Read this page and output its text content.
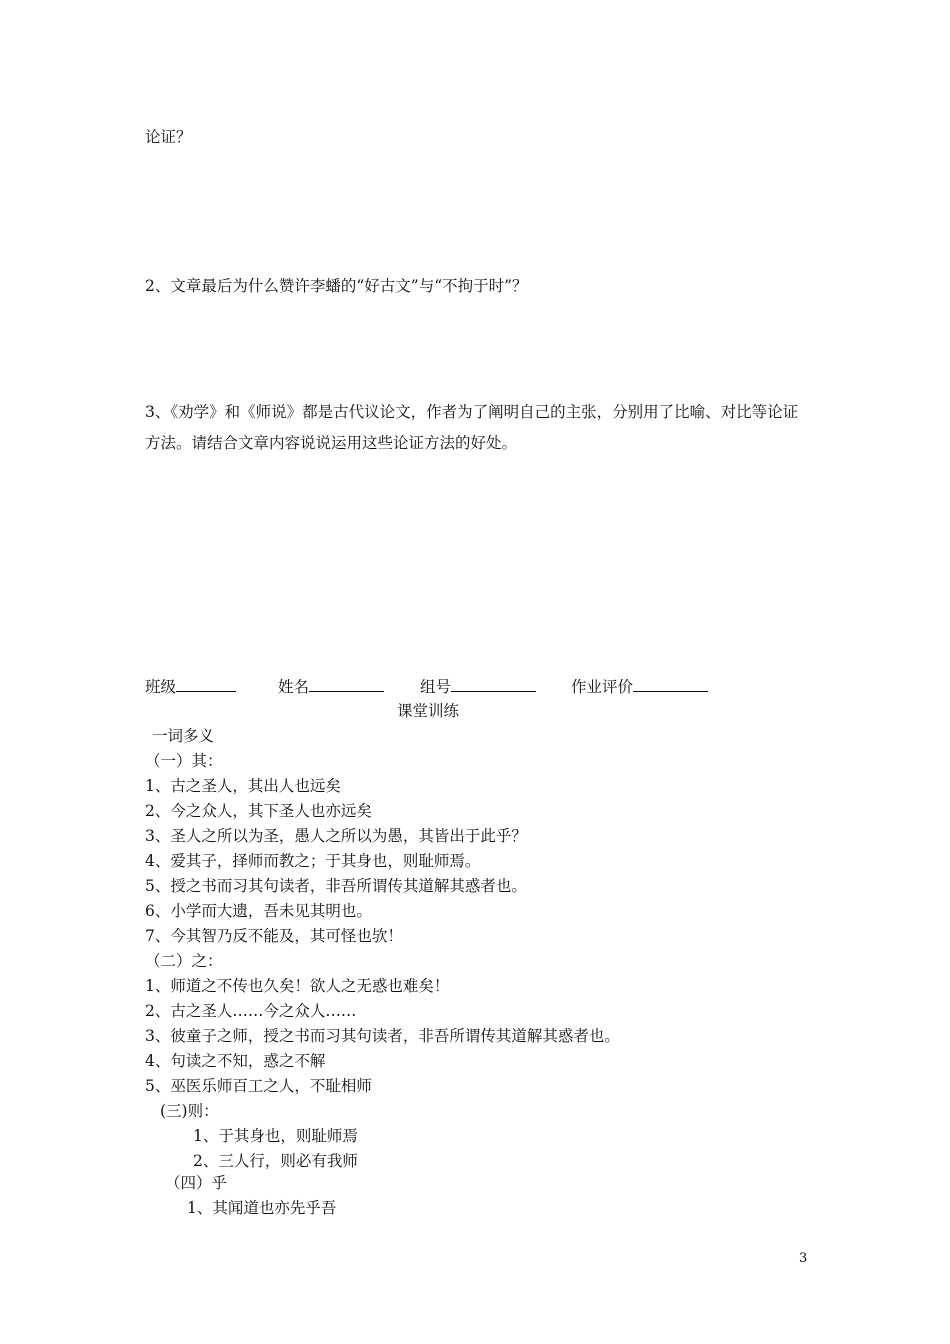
论证？
2、文章最后为什么赞许李蟠的“好古文”与“不拘于时”？
3、《劝学》和《师说》都是古代议论文，作者为了阐明自己的主张，分别用了比喻、对比等论证方法。请结合文章内容说说运用这些论证方法的好处。
班级	姓名	组号	作业评价
课堂训练
一词多义
（一）其：
1、古之圣人，其出人也远矣
2、今之众人，其下圣人也亦远矣
3、圣人之所以为圣，愚人之所以为愚，其皆出于此乎？
4、爱其子，择师而教之；于其身也，则耻师焉。
5、授之书而习其句读者，非吾所谓传其道解其惑者也。
6、小学而大遗，吾未见其明也。
7、今其智乃反不能及，其可怪也欤！
（二）之：
1、师道之不传也久矣！欲人之无惑也难矣！
2、古之圣人……今之众人……
3、彼童子之师，授之书而习其句读者，非吾所谓传其道解其惑者也。
4、句读之不知，惑之不解
5、巫医乐师百工之人，不耻相师
(三)则：
1、于其身也，则耻师焉
2、三人行，则必有我师
（四）乎
1、其闻道也亦先乎吾
3
